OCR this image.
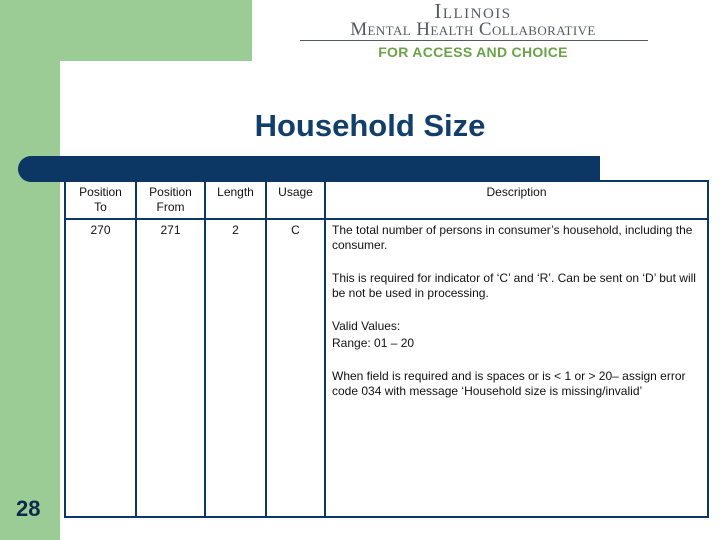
Illinois
Mental Health Collaborative
FOR ACCESS AND CHOICE
Household Size
Position To	Position From	Length	Usage	Description
270	271	2	C	The total number of persons in consumer’s household, including the consumer.

This is required for indicator of ‘C’ and ‘R’. Can be sent on ‘D’ but will be not be used in processing.

Valid Values:

Range: 01 – 20

When field is required and is spaces or is < 1 or > 20– assign error code 034 with message ‘Household size is missing/invalid’

28
